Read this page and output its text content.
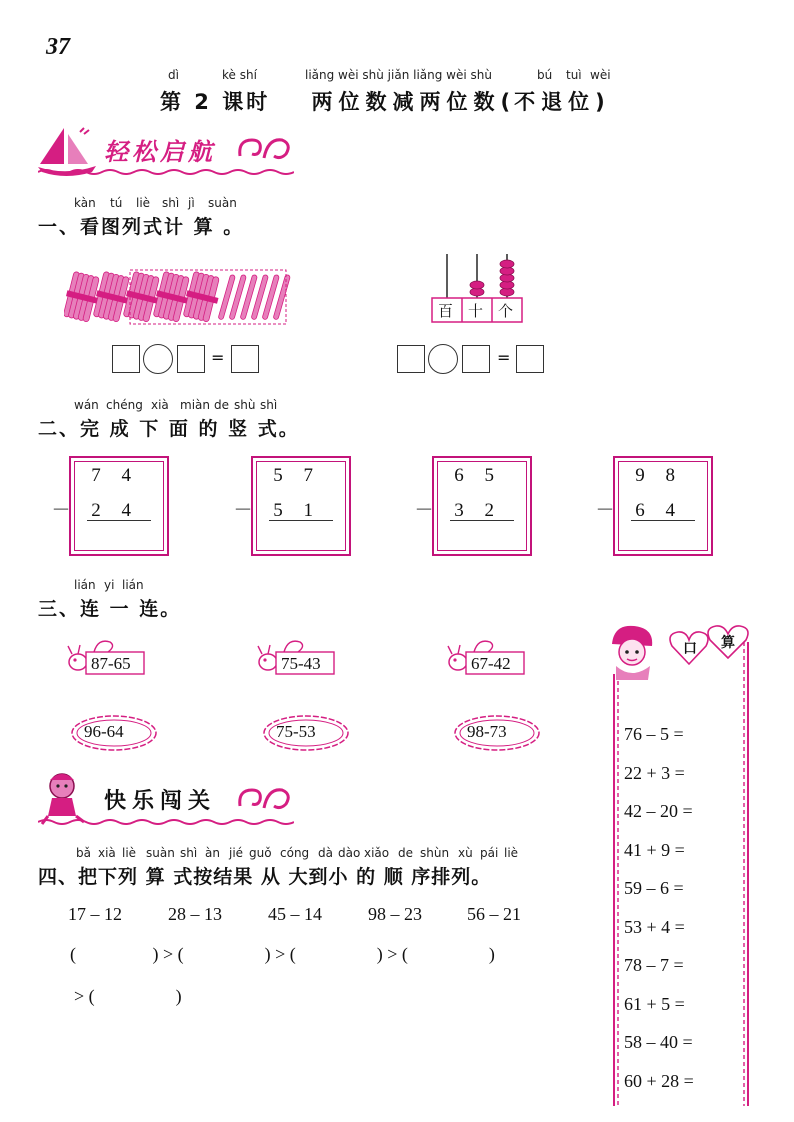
37
dì	kè shí	liǎng wèi shù jiǎn liǎng wèi shù	bú tuì wèi
第 2 课时 两位数减两位数( 不退位)
轻松启航
kàn tú liè shì jì suàn
一、看图列式计 算 。
百 十 个
=	=
wán chéng xià miàn de shù shì
二、完 成 下 面 的 竖 式。
7 4
－ 2 4
5 7
－ 5 1
6 5
－ 3 2
9 8
－ 6 4
lián yi lián
三、连 一 连。
87-65	75-43	67-42
96-64	75-53	98-73
快乐闯关
bǎ xià liè suàn shì àn jié guǒ cóng dà dào xiǎo de shùn xù pái liè
四、把下列 算 式按结果 从 大到小 的 顺 序排列。
17 – 12	28 – 13	45 – 14	98 – 23	56 – 21
(                 ) > (                  ) > (                  ) > (                  )
> (                  )
口 算
76 – 5 =
22 + 3 =
42 – 20 =
41 + 9 =
59 – 6 =
53 + 4 =
78 – 7 =
61 + 5 =
58 – 40 =
60 + 28 =
